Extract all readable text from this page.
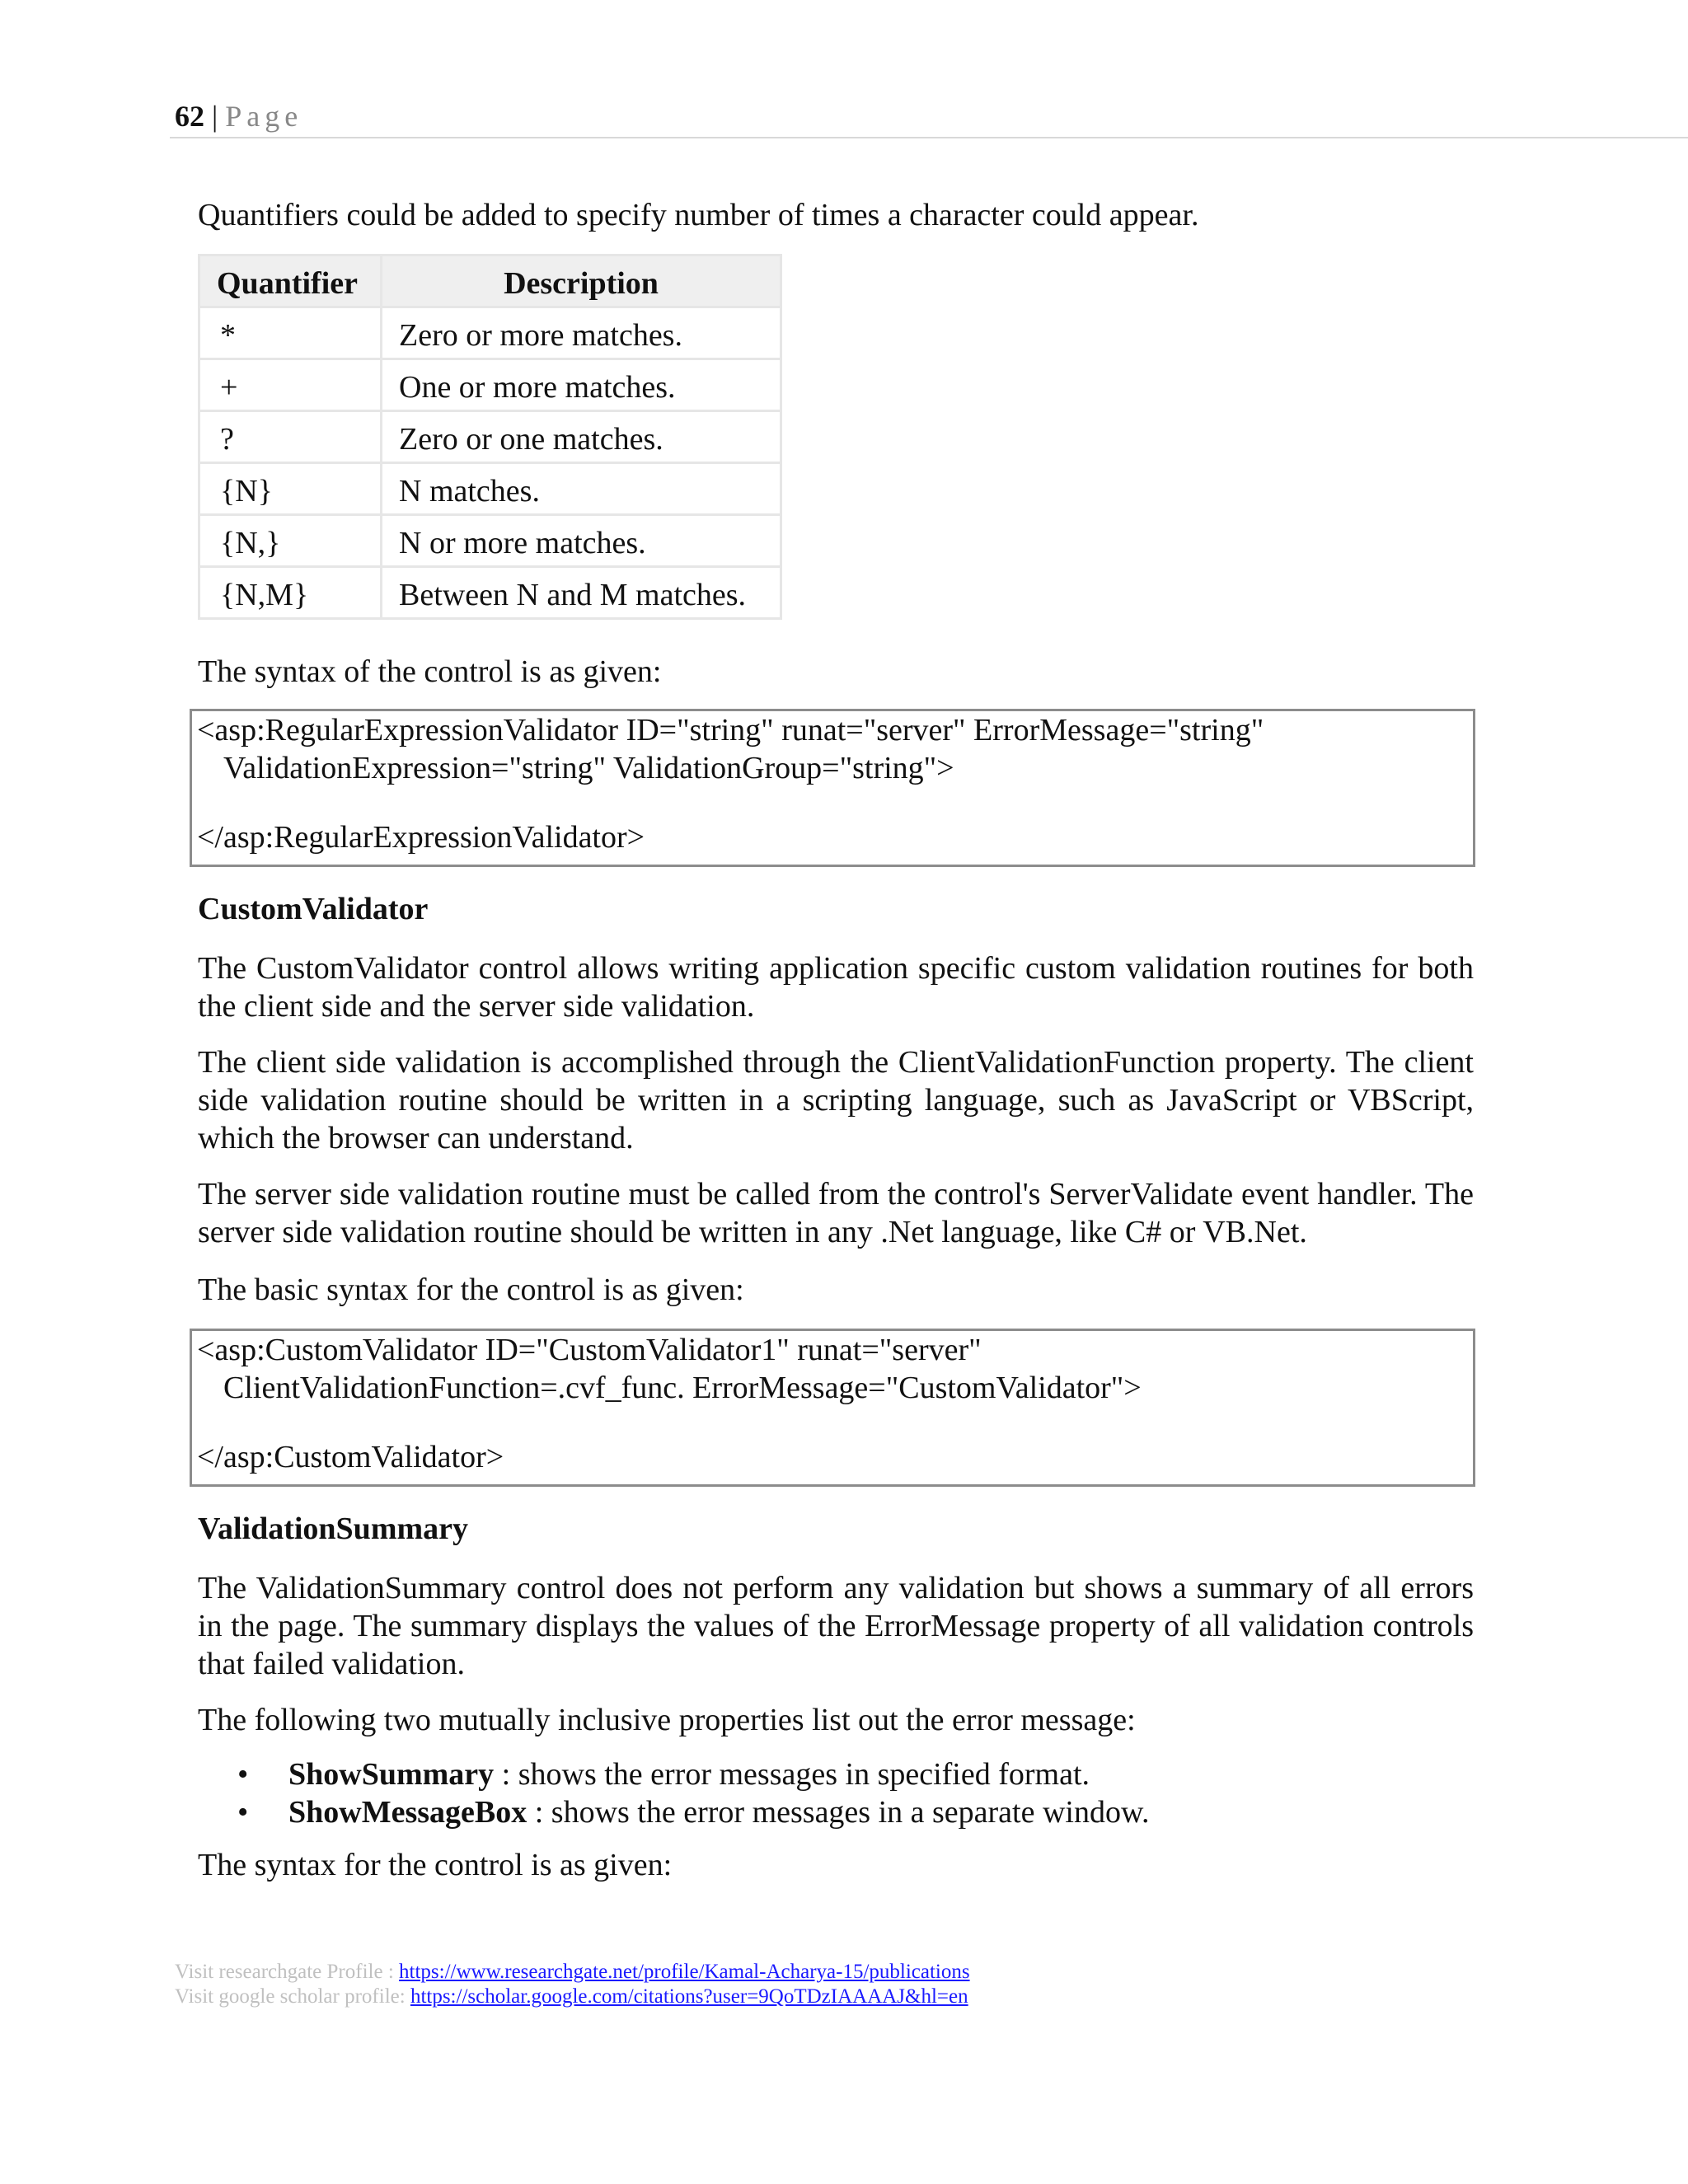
62 | Page

Quantifiers could be added to specify number of times a character could appear.

Quantifier	Description
*	Zero or more matches.
+	One or more matches.
?	Zero or one matches.
{N}	N matches.
{N,}	N or more matches.
{N,M}	Between N and M matches.

The syntax of the control is as given:

<asp:RegularExpressionValidator ID="string" runat="server" ErrorMessage="string"
ValidationExpression="string" ValidationGroup="string">
</asp:RegularExpressionValidator>
CustomValidator

The CustomValidator control allows writing application specific custom validation routines for both the client side and the server side validation.

The client side validation is accomplished through the ClientValidationFunction property. The client side validation routine should be written in a scripting language, such as JavaScript or VBScript, which the browser can understand.

The server side validation routine must be called from the control's ServerValidate event handler. The server side validation routine should be written in any .Net language, like C# or VB.Net.

The basic syntax for the control is as given:

<asp:CustomValidator ID="CustomValidator1" runat="server"
ClientValidationFunction=.cvf_func. ErrorMessage="CustomValidator">
</asp:CustomValidator>
ValidationSummary

The ValidationSummary control does not perform any validation but shows a summary of all errors in the page. The summary displays the values of the ErrorMessage property of all validation controls that failed validation.

The following two mutually inclusive properties list out the error message:

• ShowSummary : shows the error messages in specified format.
• ShowMessageBox : shows the error messages in a separate window.

The syntax for the control is as given:

Visit researchgate Profile : https://www.researchgate.net/profile/Kamal-Acharya-15/publications
Visit google scholar profile: https://scholar.google.com/citations?user=9QoTDzIAAAAJ&hl=en
